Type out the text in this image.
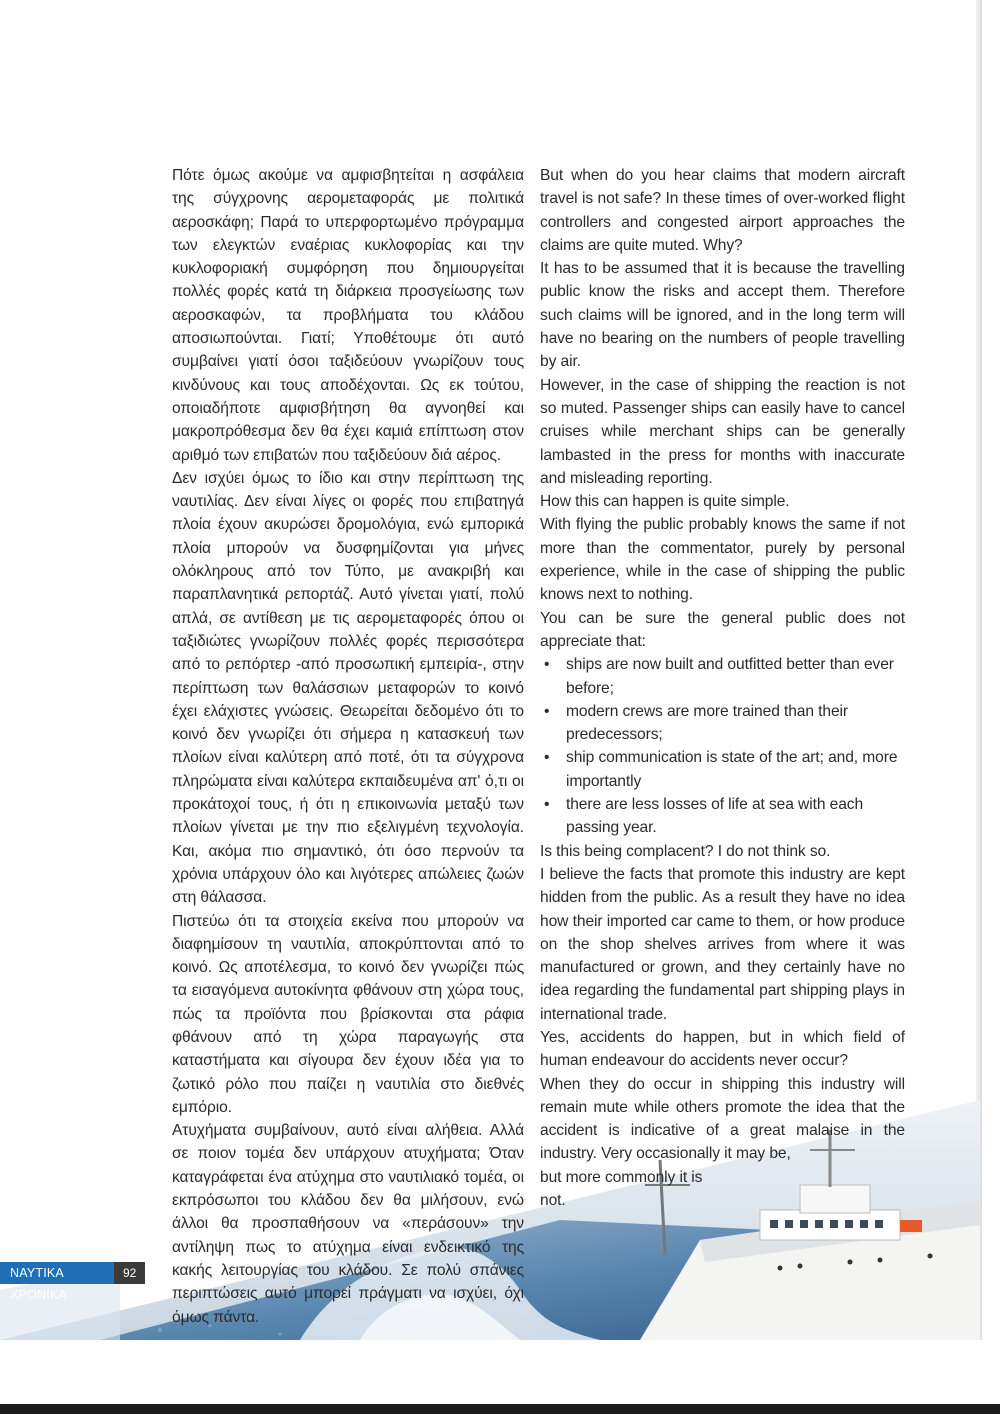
Πότε όμως ακούμε να αμφισβητείται η ασφάλεια της σύγχρονης αερομεταφοράς με πολιτικά αεροσκάφη; Παρά το υπερφορτωμένο πρόγραμμα των ελεγκτών εναέριας κυκλοφορίας και την κυκλοφοριακή συμφόρηση που δημιουργείται πολλές φορές κατά τη διάρκεια προσγείωσης των αεροσκαφών, τα προβλήματα του κλάδου αποσιωπούνται. Γιατί; Υποθέτουμε ότι αυτό συμβαίνει γιατί όσοι ταξιδεύουν γνωρίζουν τους κινδύνους και τους αποδέχονται. Ως εκ τούτου, οποιαδήποτε αμφισβήτηση θα αγνοηθεί και μακροπρόθεσμα δεν θα έχει καμιά επίπτωση στον αριθμό των επιβατών που ταξιδεύουν διά αέρος.

Δεν ισχύει όμως το ίδιο και στην περίπτωση της ναυτιλίας. Δεν είναι λίγες οι φορές που επιβατηγά πλοία έχουν ακυρώσει δρομολόγια, ενώ εμπορικά πλοία μπορούν να δυσφημίζονται για μήνες ολόκληρους από τον Τύπο, με ανακριβή και παραπλανητικά ρεπορτάζ. Αυτό γίνεται γιατί, πολύ απλά, σε αντίθεση με τις αερομεταφορές όπου οι ταξιδιώτες γνωρίζουν πολλές φορές περισσότερα από το ρεπόρτερ -από προσωπική εμπειρία-, στην περίπτωση των θαλάσσιων μεταφορών το κοινό έχει ελάχιστες γνώσεις. Θεωρείται δεδομένο ότι το κοινό δεν γνωρίζει ότι σήμερα η κατασκευή των πλοίων είναι καλύτερη από ποτέ, ότι τα σύγχρονα πληρώματα είναι καλύτερα εκπαιδευμένα απ' ό,τι οι προκάτοχοί τους, ή ότι η επικοινωνία μεταξύ των πλοίων γίνεται με την πιο εξελιγμένη τεχνολογία. Και, ακόμα πιο σημαντικό, ότι όσο περνούν τα χρόνια υπάρχουν όλο και λιγότερες απώλειες ζωών στη θάλασσα.

Πιστεύω ότι τα στοιχεία εκείνα που μπορούν να διαφημίσουν τη ναυτιλία, αποκρύπτονται από το κοινό. Ως αποτέλεσμα, το κοινό δεν γνωρίζει πώς τα εισαγόμενα αυτοκίνητα φθάνουν στη χώρα τους, πώς τα προϊόντα που βρίσκονται στα ράφια φθάνουν από τη χώρα παραγωγής στα καταστήματα και σίγουρα δεν έχουν ιδέα για το ζωτικό ρόλο που παίζει η ναυτιλία στο διεθνές εμπόριο.

Ατυχήματα συμβαίνουν, αυτό είναι αλήθεια. Αλλά σε ποιον τομέα δεν υπάρχουν ατυχήματα; Όταν καταγράφεται ένα ατύχημα στο ναυτιλιακό τομέα, οι εκπρόσωποι του κλάδου δεν θα μιλήσουν, ενώ άλλοι θα προσπαθήσουν να «περάσουν» την αντίληψη πως το ατύχημα είναι ενδεικτικό της κακής λειτουργίας του κλάδου. Σε πολύ σπάνιες περιπτώσεις αυτό μπορεί πράγματι να ισχύει, όχι όμως πάντα.

But when do you hear claims that modern aircraft travel is not safe? In these times of over-worked flight controllers and congested airport approaches the claims are quite muted. Why?

It has to be assumed that it is because the travelling public know the risks and accept them. Therefore such claims will be ignored, and in the long term will have no bearing on the numbers of people travelling by air.

However, in the case of shipping the reaction is not so muted. Passenger ships can easily have to cancel cruises while merchant ships can be generally lambasted in the press for months with inaccurate and misleading reporting.

How this can happen is quite simple.

With flying the public probably knows the same if not more than the commentator, purely by personal experience, while in the case of shipping the public knows next to nothing.

You can be sure the general public does not appreciate that:

• ships are now built and outfitted better than ever before;
• modern crews are more trained than their predecessors;
• ship communication is state of the art; and, more importantly
• there are less losses of life at sea with each passing year.

Is this being complacent? I do not think so.

I believe the facts that promote this industry are kept hidden from the public. As a result they have no idea how their imported car came to them, or how produce on the shop shelves arrives from where it was manufactured or grown, and they certainly have no idea regarding the fundamental part shipping plays in international trade.

Yes, accidents do happen, but in which field of human endeavour do accidents never occur?

When they do occur in shipping this industry will remain mute while others promote the idea that the accident is indicative of a great malaise in the industry. Very occasionally it may be,

but more commonly it is

not.

ΝΑΥΤΙΚΑ ΧΡΟΝΙΚΑ
92
